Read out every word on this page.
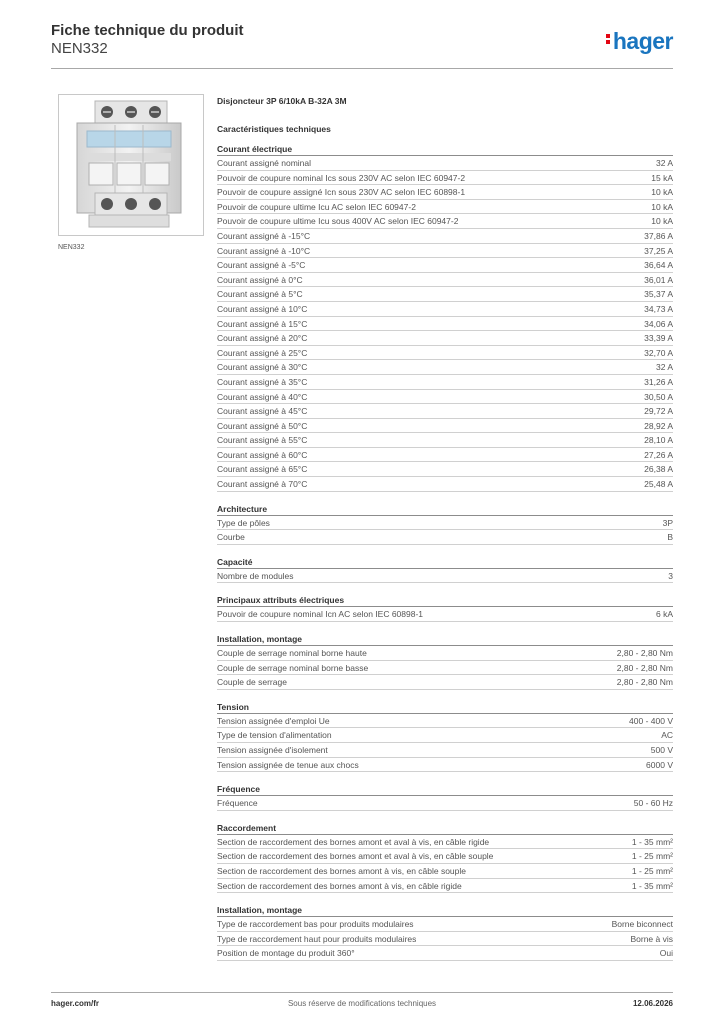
Fiche technique du produit
NEN332	hager
NEN332
Disjoncteur 3P 6/10kA B-32A 3M
Caractéristiques techniques
Courant électrique
Courant assigné nominal	32 A
Pouvoir de coupure nominal Ics sous 230V AC selon IEC 60947-2	15 kA
Pouvoir de coupure assigné Icn sous 230V AC selon IEC 60898-1	10 kA
Pouvoir de coupure ultime Icu AC selon IEC 60947-2	10 kA
Pouvoir de coupure ultime Icu sous 400V AC selon IEC 60947-2	10 kA
Courant assigné à -15°C	37,86 A
Courant assigné à -10°C	37,25 A
Courant assigné à -5°C	36,64 A
Courant assigné à 0°C	36,01 A
Courant assigné à 5°C	35,37 A
Courant assigné à 10°C	34,73 A
Courant assigné à 15°C	34,06 A
Courant assigné à 20°C	33,39 A
Courant assigné à 25°C	32,70 A
Courant assigné à 30°C	32 A
Courant assigné à 35°C	31,26 A
Courant assigné à 40°C	30,50 A
Courant assigné à 45°C	29,72 A
Courant assigné à 50°C	28,92 A
Courant assigné à 55°C	28,10 A
Courant assigné à 60°C	27,26 A
Courant assigné à 65°C	26,38 A
Courant assigné à 70°C	25,48 A
Architecture
Type de pôles	3P
Courbe	B
Capacité
Nombre de modules	3
Principaux attributs électriques
Pouvoir de coupure nominal Icn AC selon IEC 60898-1	6 kA
Installation, montage
Couple de serrage nominal borne haute	2,80 - 2,80 Nm
Couple de serrage nominal borne basse	2,80 - 2,80 Nm
Couple de serrage	2,80 - 2,80 Nm
Tension
Tension assignée d'emploi Ue	400 - 400 V
Type de tension d'alimentation	AC
Tension assignée d'isolement	500 V
Tension assignée de tenue aux chocs	6000 V
Fréquence
Fréquence	50 - 60 Hz
Raccordement
Section de raccordement des bornes amont et aval à vis, en câble rigide	1 - 35 mm²
Section de raccordement des bornes amont et aval à vis, en câble souple	1 - 25 mm²
Section de raccordement des bornes amont à vis, en câble souple	1 - 25 mm²
Section de raccordement des bornes amont à vis, en câble rigide	1 - 35 mm²
Installation, montage
Type de raccordement bas pour produits modulaires	Borne biconnect
Type de raccordement haut pour produits modulaires	Borne à vis
Position de montage du produit 360°	Oui
hager.com/fr	Sous réserve de modifications techniques	12.06.2026
